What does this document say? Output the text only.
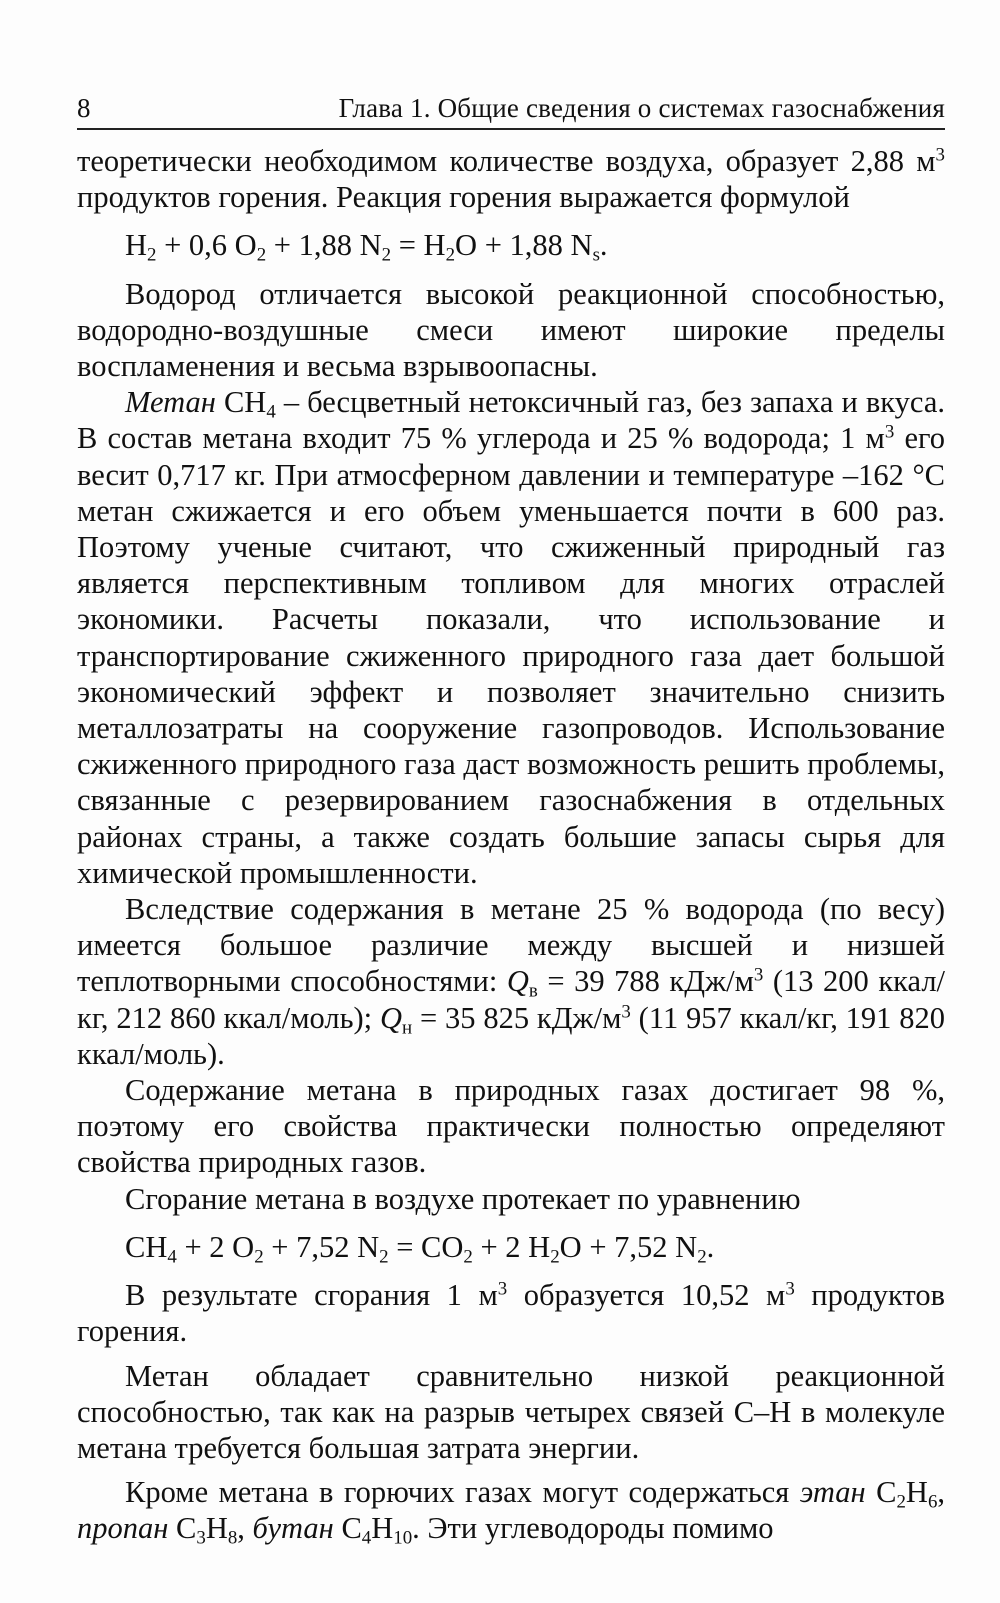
8	Глава 1. Общие сведения о системах газоснабжения

теоретически необходимом количестве воздуха, образует 2,88 $м^3$ продуктов горения. Реакция горения выражается формулой

$H_2 + 0,6$ $O_2 + 1,88$ $N_2 = H_2O + 1,88$ $N_s$.

Водород отличается высокой реакционной способностью, водородно-воздушные смеси имеют широкие пределы воспламенения и весьма взрывоопасны.

Метан $CH_4$ – бесцветный нетоксичный газ, без запаха и вкуса. В состав метана входит 75 % углерода и 25 % водорода; 1 $м^3$ его весит 0,717 кг. При атмосферном давлении и температуре –162 °С метан сжижается и его объем уменьшается почти в 600 раз. Поэтому ученые считают, что сжиженный природный газ является перспективным топливом для многих отраслей экономики. Расчеты показали, что использование и транспортирование сжиженного природного газа дает большой экономический эффект и позволяет значительно снизить металлозатраты на сооружение газопроводов. Использование сжиженного природного газа даст возможность решить проблемы, связанные с резервированием газоснабжения в отдельных районах страны, а также создать большие запасы сырья для химической промышленности.

Вследствие содержания в метане 25 % водорода (по весу) имеется большое различие между высшей и низшей теплотворными способностями: $Q_в = 39$ 788 кДж/$м^3$ (13 200 ккал/кг, 212 860 ккал/моль); $Q_н = 35$ 825 кДж/$м^3$ (11 957 ккал/кг, 191 820 ккал/моль).

Содержание метана в природных газах достигает 98 %, поэтому его свойства практически полностью определяют свойства природных газов.

Сгорание метана в воздухе протекает по уравнению

$CH_4 + 2$ $O_2 + 7,52$ $N_2 = CO_2 + 2$ $H_2O + 7,52$ $N_2$.

В результате сгорания 1 $м^3$ образуется 10,52 $м^3$ продуктов горения.

Метан обладает сравнительно низкой реакционной способностью, так как на разрыв четырех связей С–Н в молекуле метана требуется большая затрата энергии.

Кроме метана в горючих газах могут содержаться этан $C_2H_6$, пропан $C_3H_8$, бутан $C_4H_{10}$. Эти углеводороды помимо
